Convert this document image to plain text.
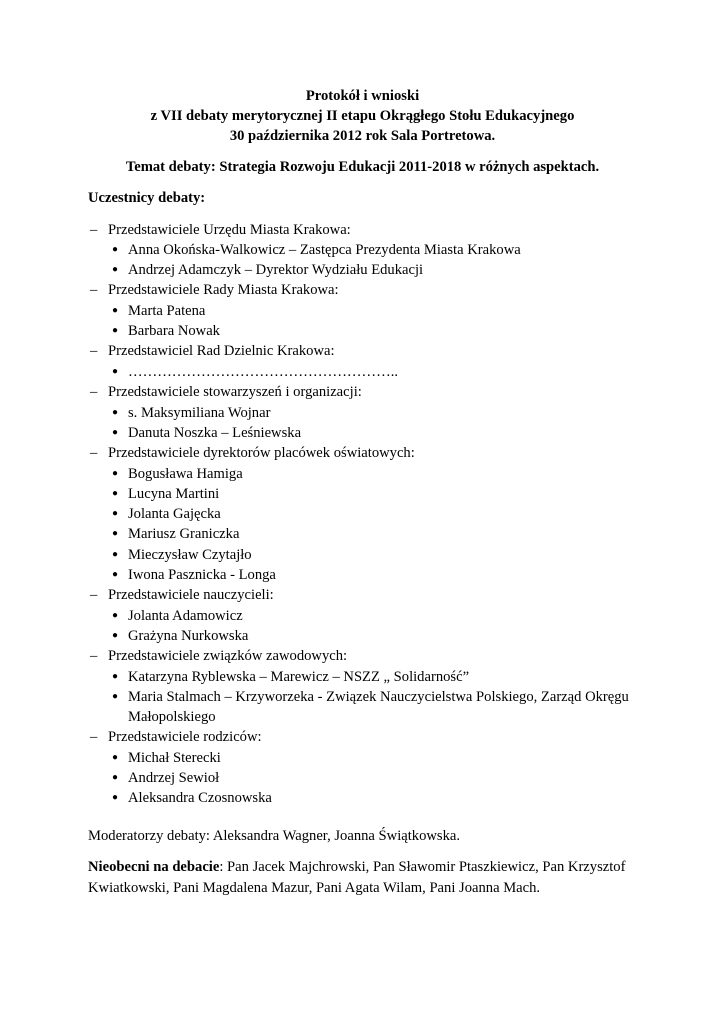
Protokół i wnioski
z VII debaty merytorycznej II etapu Okrągłego Stołu Edukacyjnego
30 października 2012 rok Sala Portretowa.
Temat debaty: Strategia Rozwoju Edukacji 2011-2018 w różnych aspektach.
Uczestnicy debaty:
– Przedstawiciele Urzędu Miasta Krakowa:
● Anna Okońska-Walkowicz – Zastępca Prezydenta Miasta Krakowa
● Andrzej Adamczyk – Dyrektor Wydziału Edukacji
– Przedstawiciele Rady Miasta Krakowa:
● Marta Patena
● Barbara Nowak
– Przedstawiciel Rad Dzielnic Krakowa:
● ………………………………………………..
– Przedstawiciele stowarzyszeń i organizacji:
● s. Maksymiliana Wojnar
● Danuta Noszka – Leśniewska
– Przedstawiciele dyrektorów placówek oświatowych:
● Bogusława Hamiga
● Lucyna Martini
● Jolanta Gajęcka
● Mariusz Graniczka
● Mieczysław Czytajło
● Iwona Pasznicka - Longa
– Przedstawiciele nauczycieli:
● Jolanta Adamowicz
● Grażyna Nurkowska
– Przedstawiciele związków zawodowych:
● Katarzyna Ryblewska – Marewicz – NSZZ „ Solidarność”
● Maria Stalmach – Krzyworzeka - Związek Nauczycielstwa Polskiego, Zarząd Okręgu
Małopolskiego
– Przedstawiciele rodziców:
● Michał Sterecki
● Andrzej Sewioł
● Aleksandra Czosnowska
Moderatorzy debaty: Aleksandra Wagner, Joanna Świątkowska.
Nieobecni na debacie: Pan Jacek Majchrowski, Pan Sławomir Ptaszkiewicz, Pan Krzysztof Kwiatkowski, Pani Magdalena Mazur, Pani Agata Wilam, Pani Joanna Mach.
